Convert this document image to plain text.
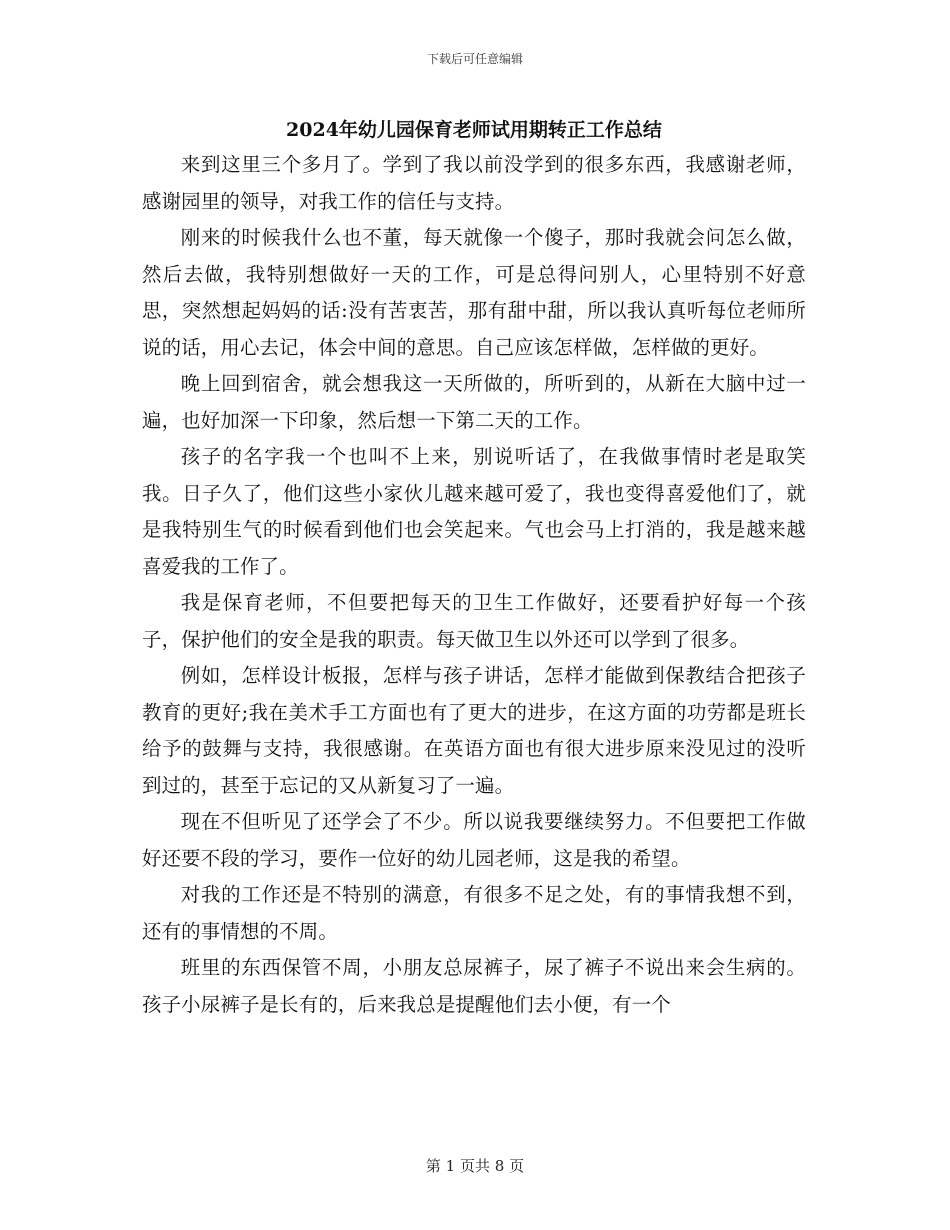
下载后可任意编辑
2024年幼儿园保育老师试用期转正工作总结

来到这里三个多月了。学到了我以前没学到的很多东西，我感谢老师，感谢园里的领导，对我工作的信任与支持。

刚来的时候我什么也不董，每天就像一个傻子，那时我就会问怎么做，然后去做，我特别想做好一天的工作，可是总得问别人，心里特别不好意思，突然想起妈妈的话:没有苦衷苦，那有甜中甜，所以我认真听每位老师所说的话，用心去记，体会中间的意思。自己应该怎样做，怎样做的更好。

晚上回到宿舍，就会想我这一天所做的，所听到的，从新在大脑中过一遍，也好加深一下印象，然后想一下第二天的工作。

孩子的名字我一个也叫不上来，别说听话了，在我做事情时老是取笑我。日子久了，他们这些小家伙儿越来越可爱了，我也变得喜爱他们了，就是我特别生气的时候看到他们也会笑起来。气也会马上打消的，我是越来越喜爱我的工作了。

我是保育老师，不但要把每天的卫生工作做好，还要看护好每一个孩子，保护他们的安全是我的职责。每天做卫生以外还可以学到了很多。

例如，怎样设计板报，怎样与孩子讲话，怎样才能做到保教结合把孩子教育的更好;我在美术手工方面也有了更大的进步，在这方面的功劳都是班长给予的鼓舞与支持，我很感谢。在英语方面也有很大进步原来没见过的没听到过的，甚至于忘记的又从新复习了一遍。

现在不但听见了还学会了不少。所以说我要继续努力。不但要把工作做好还要不段的学习，要作一位好的幼儿园老师，这是我的希望。

对我的工作还是不特别的满意，有很多不足之处，有的事情我想不到，还有的事情想的不周。

班里的东西保管不周，小朋友总尿裤子，尿了裤子不说出来会生病的。孩子小尿裤子是长有的，后来我总是提醒他们去小便，有一个

第 1 页共 8 页
